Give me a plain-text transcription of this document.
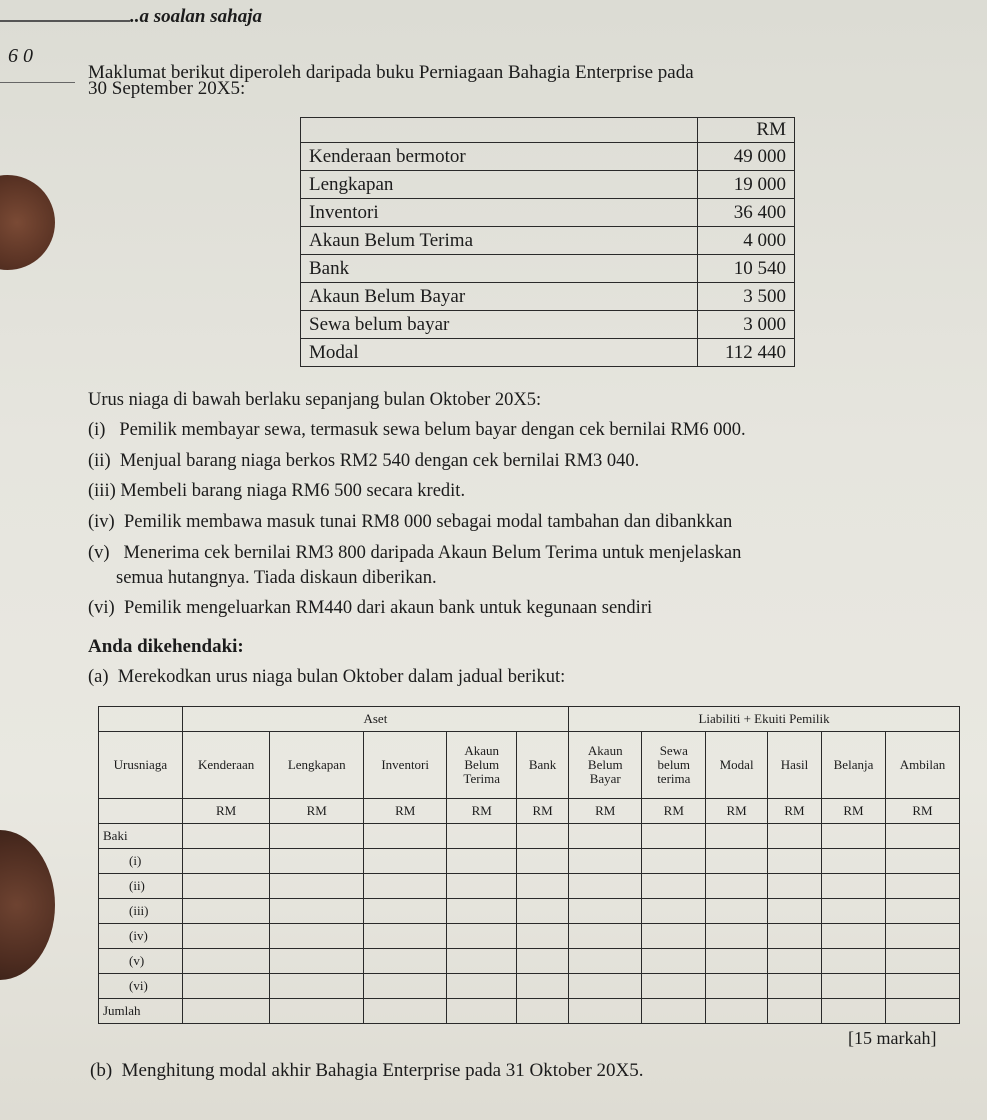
..a soalan sahaja
6 0
Maklumat berikut diperoleh daripada buku Perniagaan Bahagia Enterprise pada
30 September 20X5:
	RM
Kenderaan bermotor	49 000
Lengkapan	19 000
Inventori	36 400
Akaun Belum Terima	4 000
Bank	10 540
Akaun Belum Bayar	3 500
Sewa belum bayar	3 000
Modal	112 440
Urus niaga di bawah berlaku sepanjang bulan Oktober 20X5:
(i)   Pemilik membayar sewa, termasuk sewa belum bayar dengan cek bernilai RM6 000.
(ii)  Menjual barang niaga berkos RM2 540 dengan cek bernilai RM3 040.
(iii) Membeli barang niaga RM6 500 secara kredit.
(iv)  Pemilik membawa masuk tunai RM8 000 sebagai modal tambahan dan dibankkan
(v)   Menerima cek bernilai RM3 800 daripada Akaun Belum Terima untuk menjelaskan
semua hutangnya. Tiada diskaun diberikan.
(vi)  Pemilik mengeluarkan RM440 dari akaun bank untuk kegunaan sendiri
Anda dikehendaki:
(a)  Merekodkan urus niaga bulan Oktober dalam jadual berikut:
	Aset					Liabiliti + Ekuiti Pemilik					
Urusniaga	Kenderaan	Lengkapan	Inventori	Akaun Belum Terima	Bank	Akaun Belum Bayar	Sewa belum terima	Modal	Hasil	Belanja	Ambilan
	RM	RM	RM	RM	RM	RM	RM	RM	RM	RM	RM
Baki											
(i)											
(ii)											
(iii)											
(iv)											
(v)											
(vi)											
Jumlah											
[15 markah]
(b)  Menghitung modal akhir Bahagia Enterprise pada 31 Oktober 20X5.
